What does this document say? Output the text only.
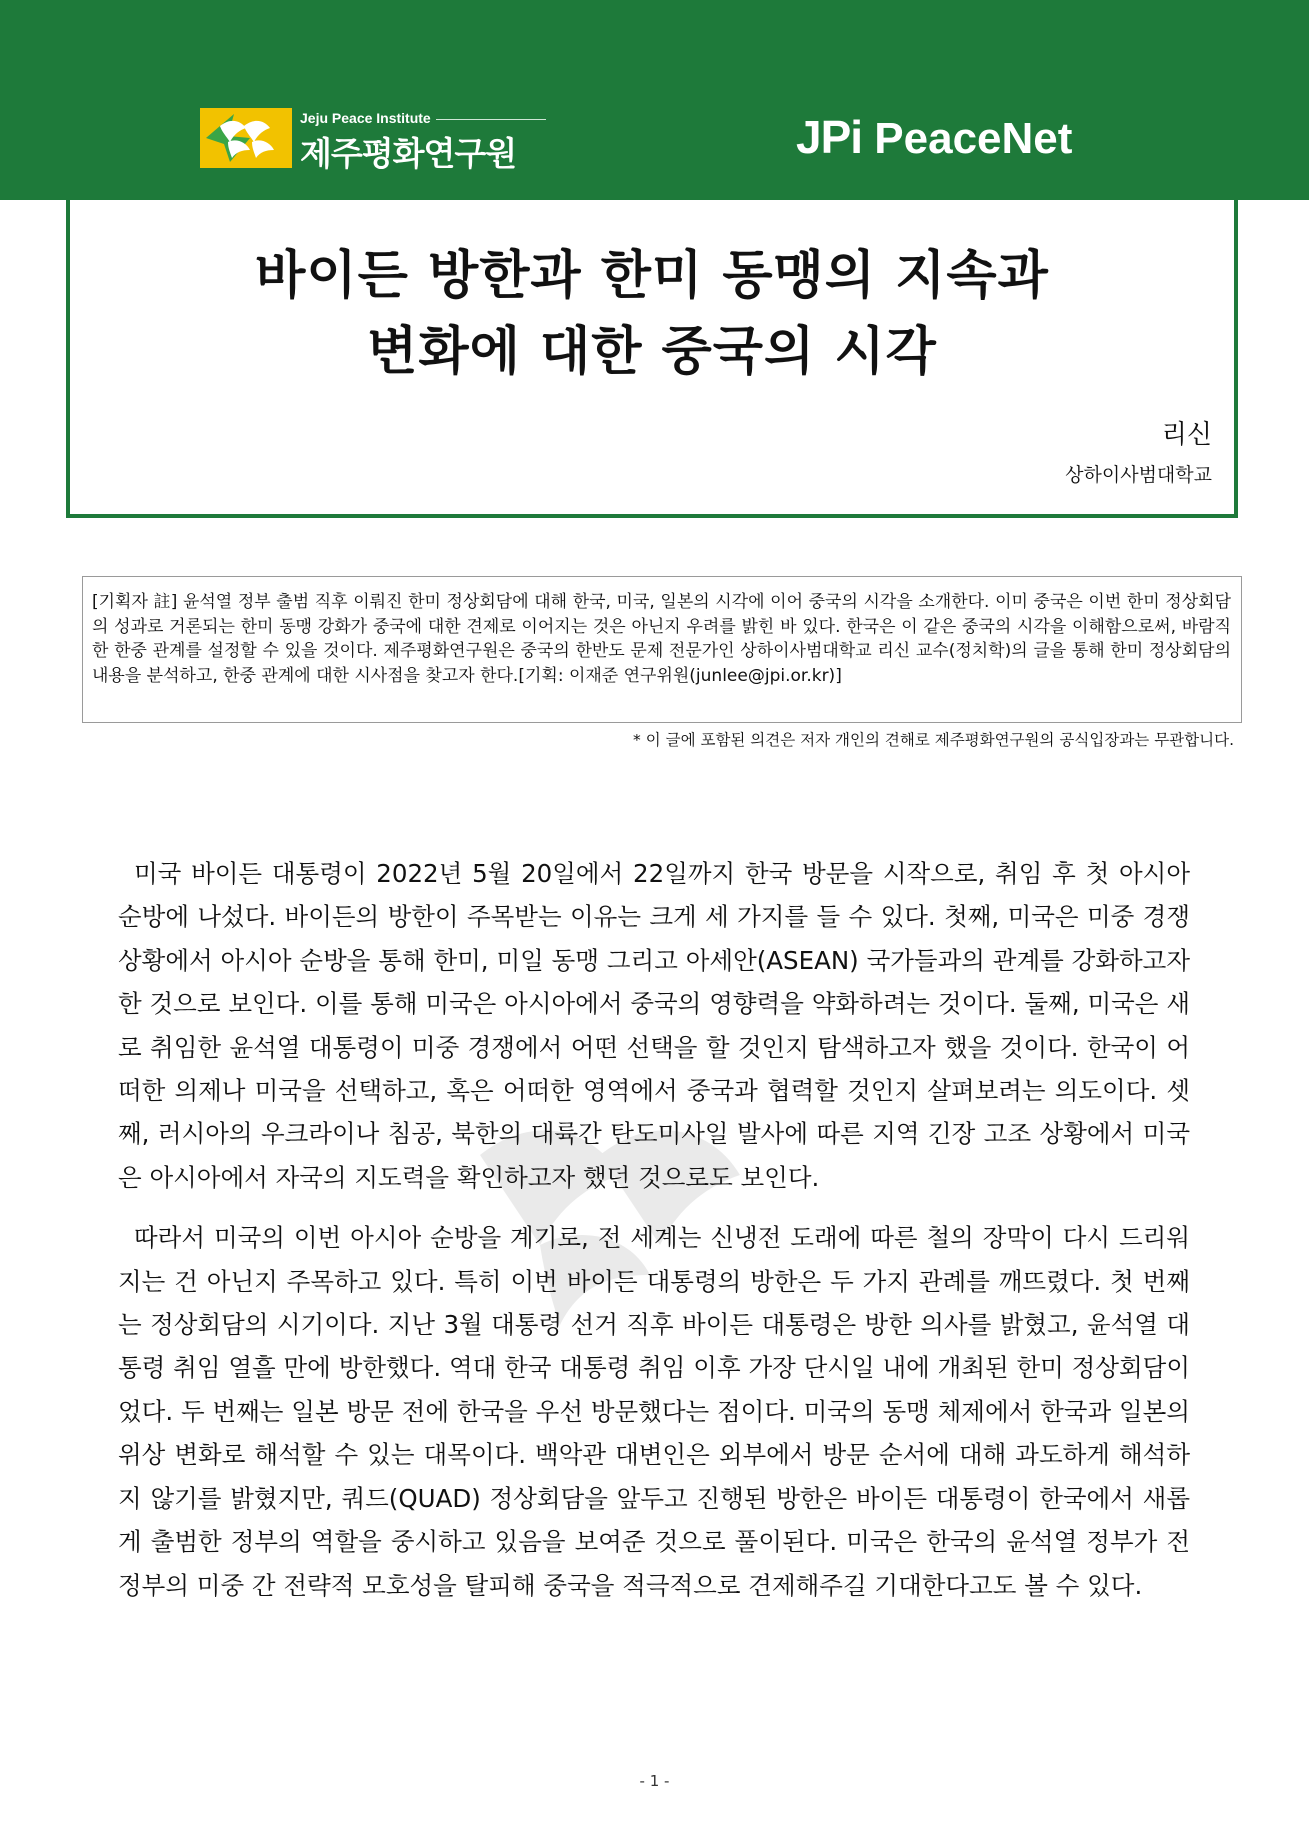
Jeju Peace Institute
제주평화연구원	JPi PeaceNet
바이든 방한과 한미 동맹의 지속과
변화에 대한 중국의 시각
리신
상하이사범대학교
[기획자 註] 윤석열 정부 출범 직후 이뤄진 한미 정상회담에 대해 한국, 미국, 일본의 시각에 이어 중국의 시각을 소개한다. 이미 중국은 이번 한미 정상회담의 성과로 거론되는 한미 동맹 강화가 중국에 대한 견제로 이어지는 것은 아닌지 우려를 밝힌 바 있다. 한국은 이 같은 중국의 시각을 이해함으로써, 바람직한 한중 관계를 설정할 수 있을 것이다. 제주평화연구원은 중국의 한반도 문제 전문가인 상하이사범대학교 리신 교수(정치학)의 글을 통해 한미 정상회담의 내용을 분석하고, 한중 관계에 대한 시사점을 찾고자 한다.[기획: 이재준 연구위원(junlee@jpi.or.kr)]
* 이 글에 포함된 의견은 저자 개인의 견해로 제주평화연구원의 공식입장과는 무관합니다.

미국 바이든 대통령이 2022년 5월 20일에서 22일까지 한국 방문을 시작으로, 취임 후 첫 아시아 순방에 나섰다. 바이든의 방한이 주목받는 이유는 크게 세 가지를 들 수 있다. 첫째, 미국은 미중 경쟁 상황에서 아시아 순방을 통해 한미, 미일 동맹 그리고 아세안(ASEAN) 국가들과의 관계를 강화하고자 한 것으로 보인다. 이를 통해 미국은 아시아에서 중국의 영향력을 약화하려는 것이다. 둘째, 미국은 새로 취임한 윤석열 대통령이 미중 경쟁에서 어떤 선택을 할 것인지 탐색하고자 했을 것이다. 한국이 어떠한 의제나 미국을 선택하고, 혹은 어떠한 영역에서 중국과 협력할 것인지 살펴보려는 의도이다. 셋째, 러시아의 우크라이나 침공, 북한의 대륙간 탄도미사일 발사에 따른 지역 긴장 고조 상황에서 미국은 아시아에서 자국의 지도력을 확인하고자 했던 것으로도 보인다.

따라서 미국의 이번 아시아 순방을 계기로, 전 세계는 신냉전 도래에 따른 철의 장막이 다시 드리워지는 건 아닌지 주목하고 있다. 특히 이번 바이든 대통령의 방한은 두 가지 관례를 깨뜨렸다. 첫 번째는 정상회담의 시기이다. 지난 3월 대통령 선거 직후 바이든 대통령은 방한 의사를 밝혔고, 윤석열 대통령 취임 열흘 만에 방한했다. 역대 한국 대통령 취임 이후 가장 단시일 내에 개최된 한미 정상회담이었다. 두 번째는 일본 방문 전에 한국을 우선 방문했다는 점이다. 미국의 동맹 체제에서 한국과 일본의 위상 변화로 해석할 수 있는 대목이다. 백악관 대변인은 외부에서 방문 순서에 대해 과도하게 해석하지 않기를 밝혔지만, 쿼드(QUAD) 정상회담을 앞두고 진행된 방한은 바이든 대통령이 한국에서 새롭게 출범한 정부의 역할을 중시하고 있음을 보여준 것으로 풀이된다. 미국은 한국의 윤석열 정부가 전 정부의 미중 간 전략적 모호성을 탈피해 중국을 적극적으로 견제해주길 기대한다고도 볼 수 있다.

- 1 -
